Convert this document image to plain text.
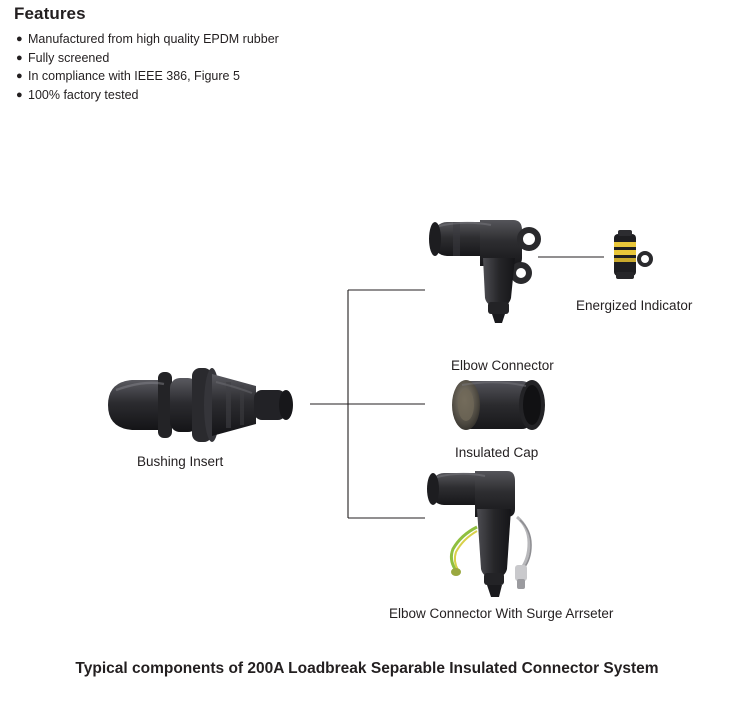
Features
● Manufactured from high quality EPDM rubber
● Fully screened
● In compliance with IEEE 386, Figure 5
● 100% factory tested
Energized Indicator
Elbow Connector
Insulated Cap
Bushing Insert
Elbow Connector With Surge Arrseter
Typical components of 200A Loadbreak Separable Insulated Connector System
